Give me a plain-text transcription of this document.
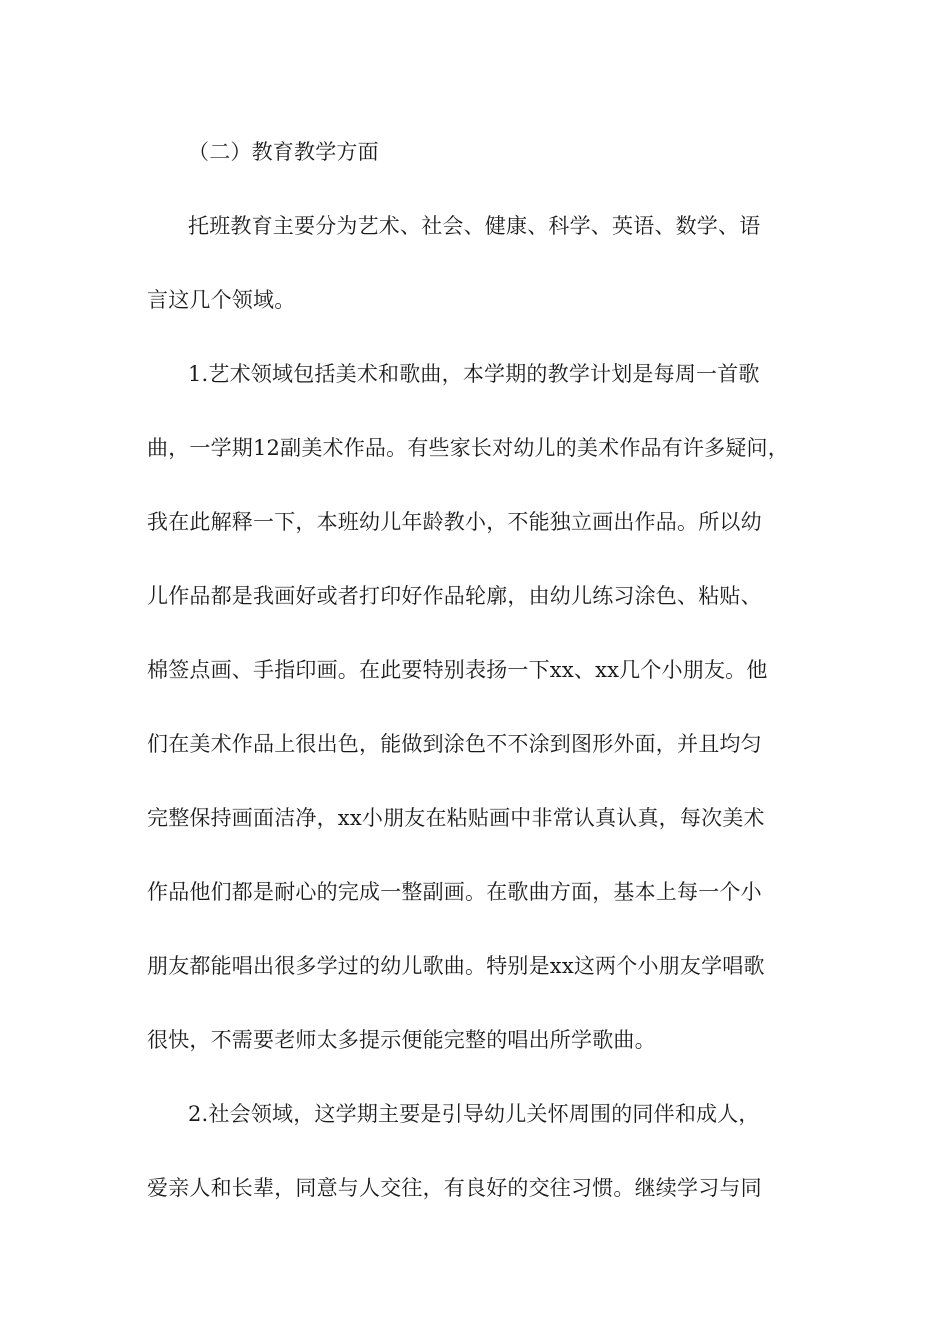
（二）教育教学方面
托班教育主要分为艺术、社会、健康、科学、英语、数学、语
言这几个领域。
1.艺术领域包括美术和歌曲，本学期的教学计划是每周一首歌
曲，一学期12副美术作品。有些家长对幼儿的美术作品有许多疑问，
我在此解释一下，本班幼儿年龄教小，不能独立画出作品。所以幼
儿作品都是我画好或者打印好作品轮廓，由幼儿练习涂色、粘贴、
棉签点画、手指印画。在此要特别表扬一下xx、xx几个小朋友。他
们在美术作品上很出色，能做到涂色不不涂到图形外面，并且均匀
完整保持画面洁净，xx小朋友在粘贴画中非常认真认真，每次美术
作品他们都是耐心的完成一整副画。在歌曲方面，基本上每一个小
朋友都能唱出很多学过的幼儿歌曲。特别是xx这两个小朋友学唱歌
很快，不需要老师太多提示便能完整的唱出所学歌曲。
2.社会领域，这学期主要是引导幼儿关怀周围的同伴和成人，
爱亲人和长辈，同意与人交往，有良好的交往习惯。继续学习与同
